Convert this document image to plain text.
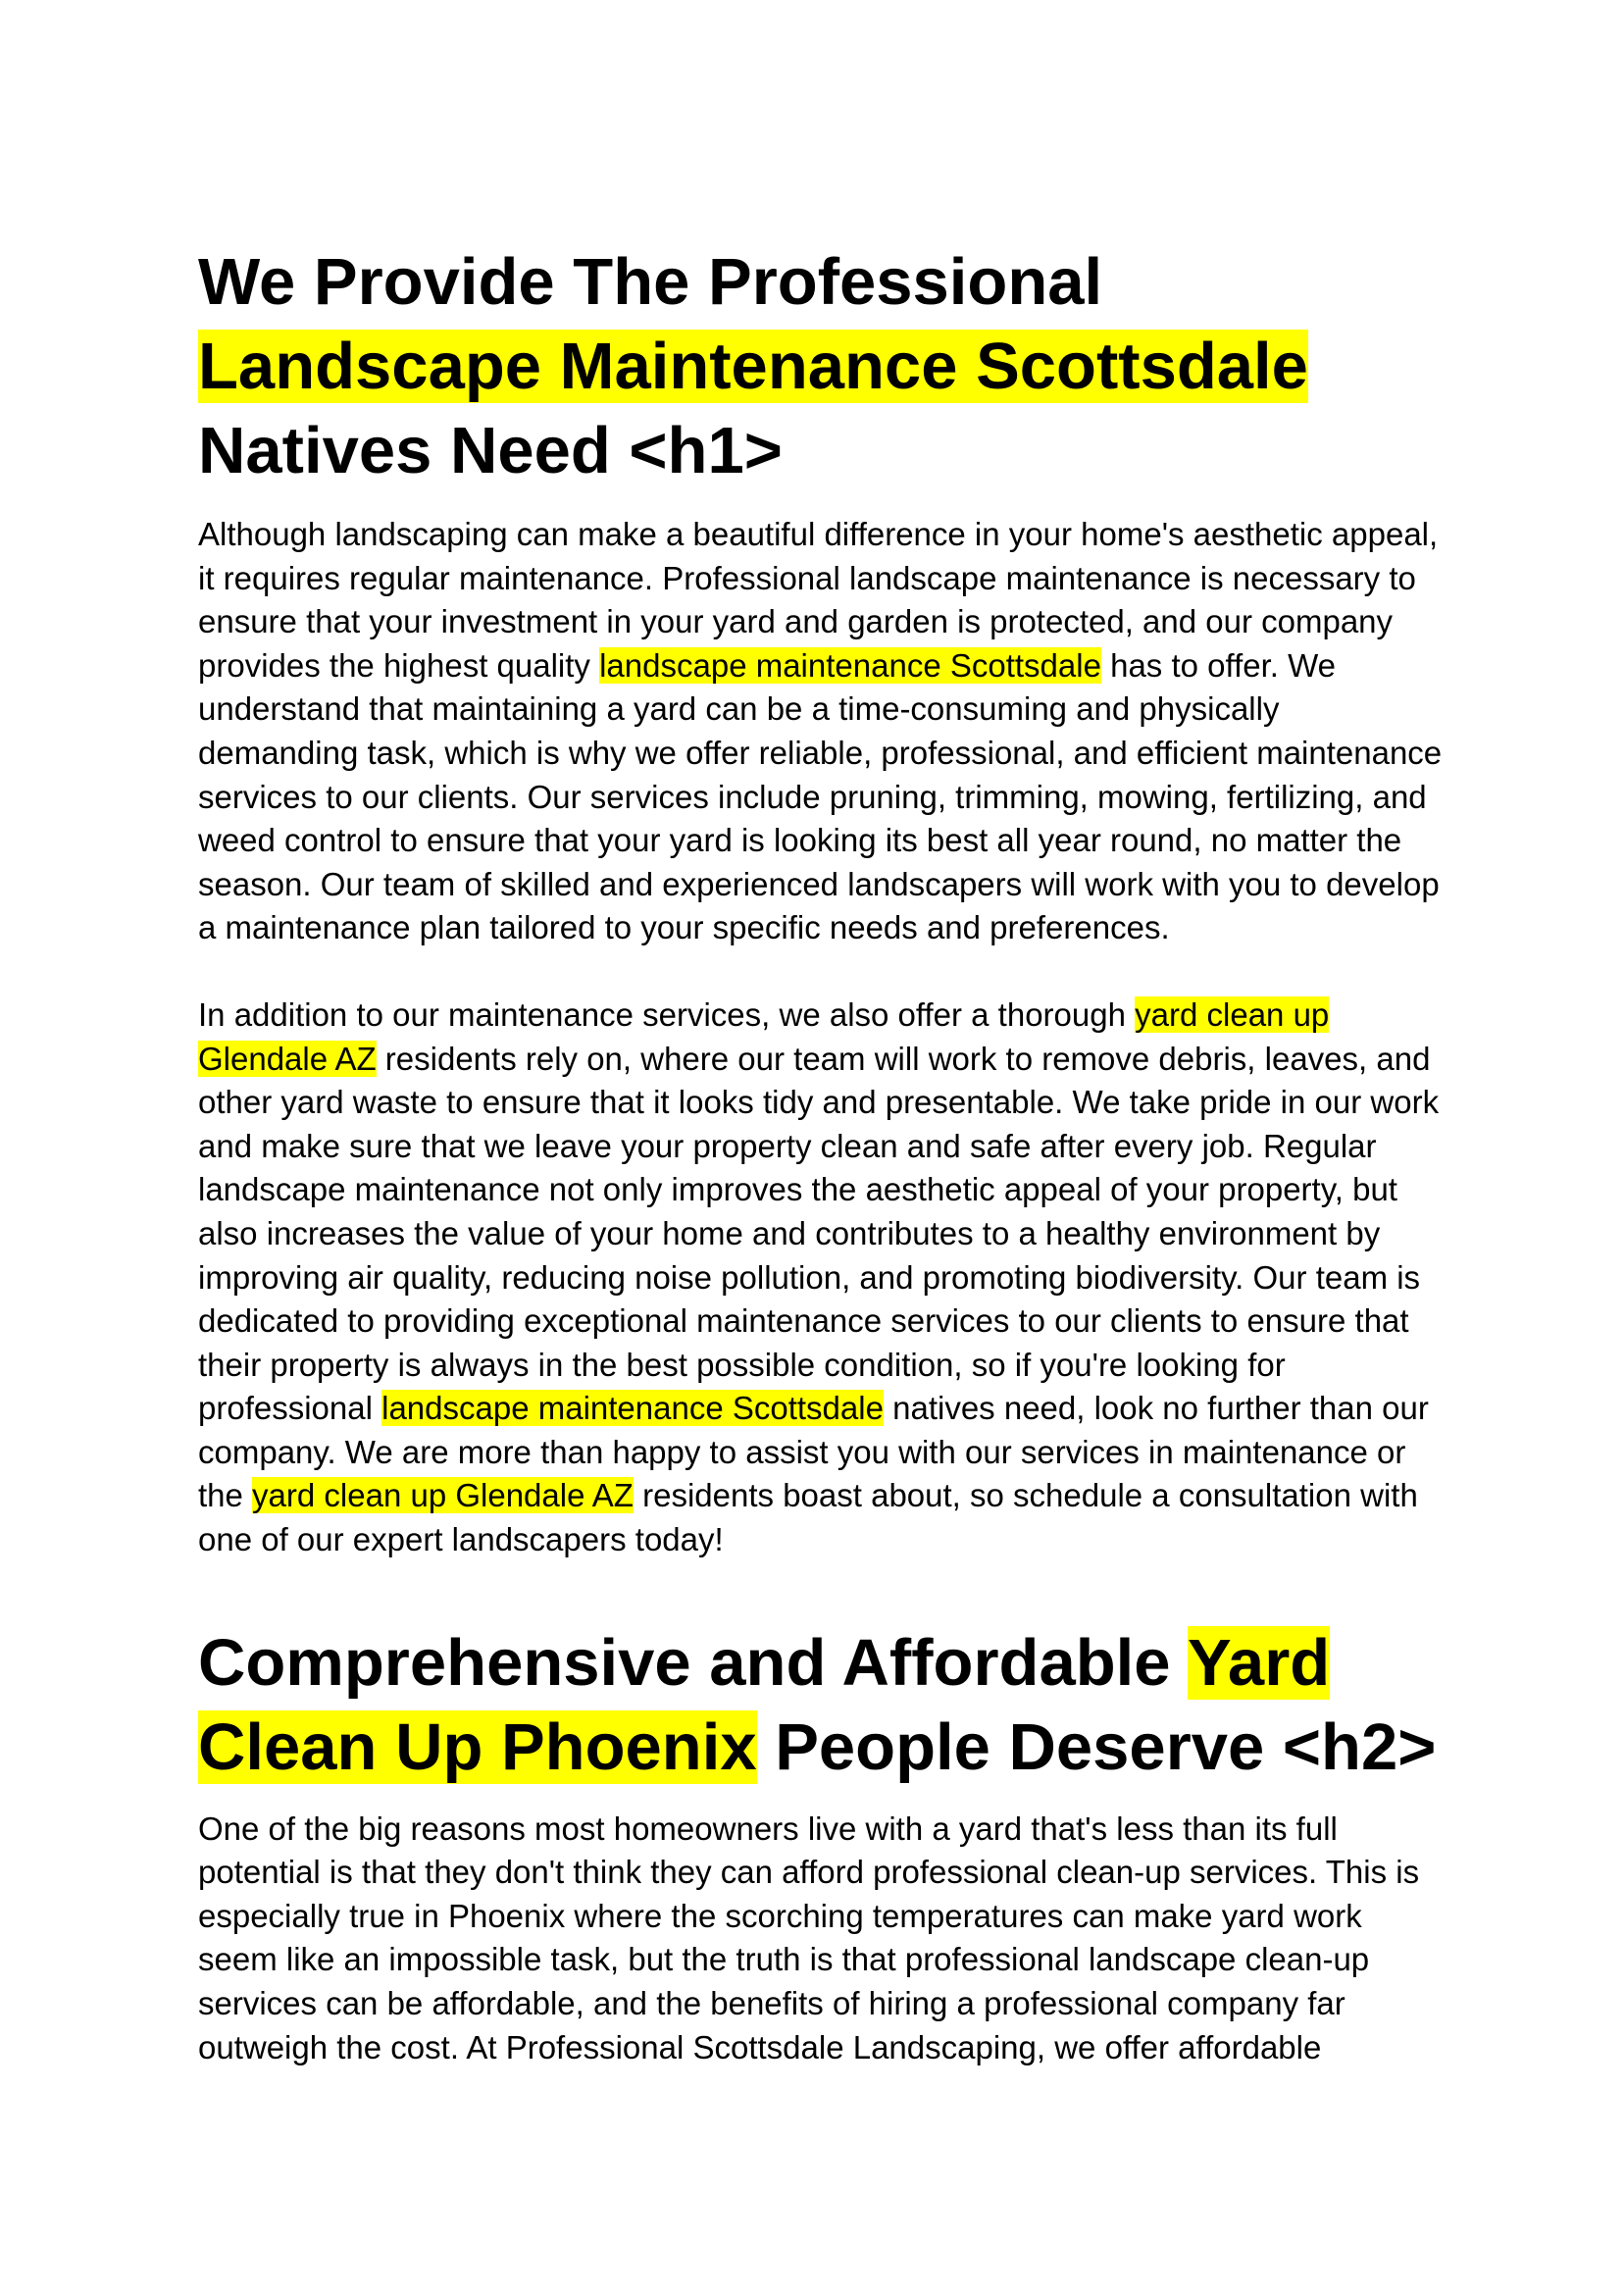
We Provide The Professional Landscape Maintenance Scottsdale Natives Need <h1>

Although landscaping can make a beautiful difference in your home's aesthetic appeal, it requires regular maintenance. Professional landscape maintenance is necessary to ensure that your investment in your yard and garden is protected, and our company provides the highest quality landscape maintenance Scottsdale has to offer. We understand that maintaining a yard can be a time-consuming and physically demanding task, which is why we offer reliable, professional, and efficient maintenance services to our clients. Our services include pruning, trimming, mowing, fertilizing, and weed control to ensure that your yard is looking its best all year round, no matter the season. Our team of skilled and experienced landscapers will work with you to develop a maintenance plan tailored to your specific needs and preferences.

In addition to our maintenance services, we also offer a thorough yard clean up Glendale AZ residents rely on, where our team will work to remove debris, leaves, and other yard waste to ensure that it looks tidy and presentable. We take pride in our work and make sure that we leave your property clean and safe after every job. Regular landscape maintenance not only improves the aesthetic appeal of your property, but also increases the value of your home and contributes to a healthy environment by improving air quality, reducing noise pollution, and promoting biodiversity. Our team is dedicated to providing exceptional maintenance services to our clients to ensure that their property is always in the best possible condition, so if you're looking for professional landscape maintenance Scottsdale natives need, look no further than our company. We are more than happy to assist you with our services in maintenance or the yard clean up Glendale AZ residents boast about, so schedule a consultation with one of our expert landscapers today!

Comprehensive and Affordable Yard Clean Up Phoenix People Deserve <h2>

One of the big reasons most homeowners live with a yard that's less than its full potential is that they don't think they can afford professional clean-up services. This is especially true in Phoenix where the scorching temperatures can make yard work seem like an impossible task, but the truth is that professional landscape clean-up services can be affordable, and the benefits of hiring a professional company far outweigh the cost. At Professional Scottsdale Landscaping, we offer affordable
